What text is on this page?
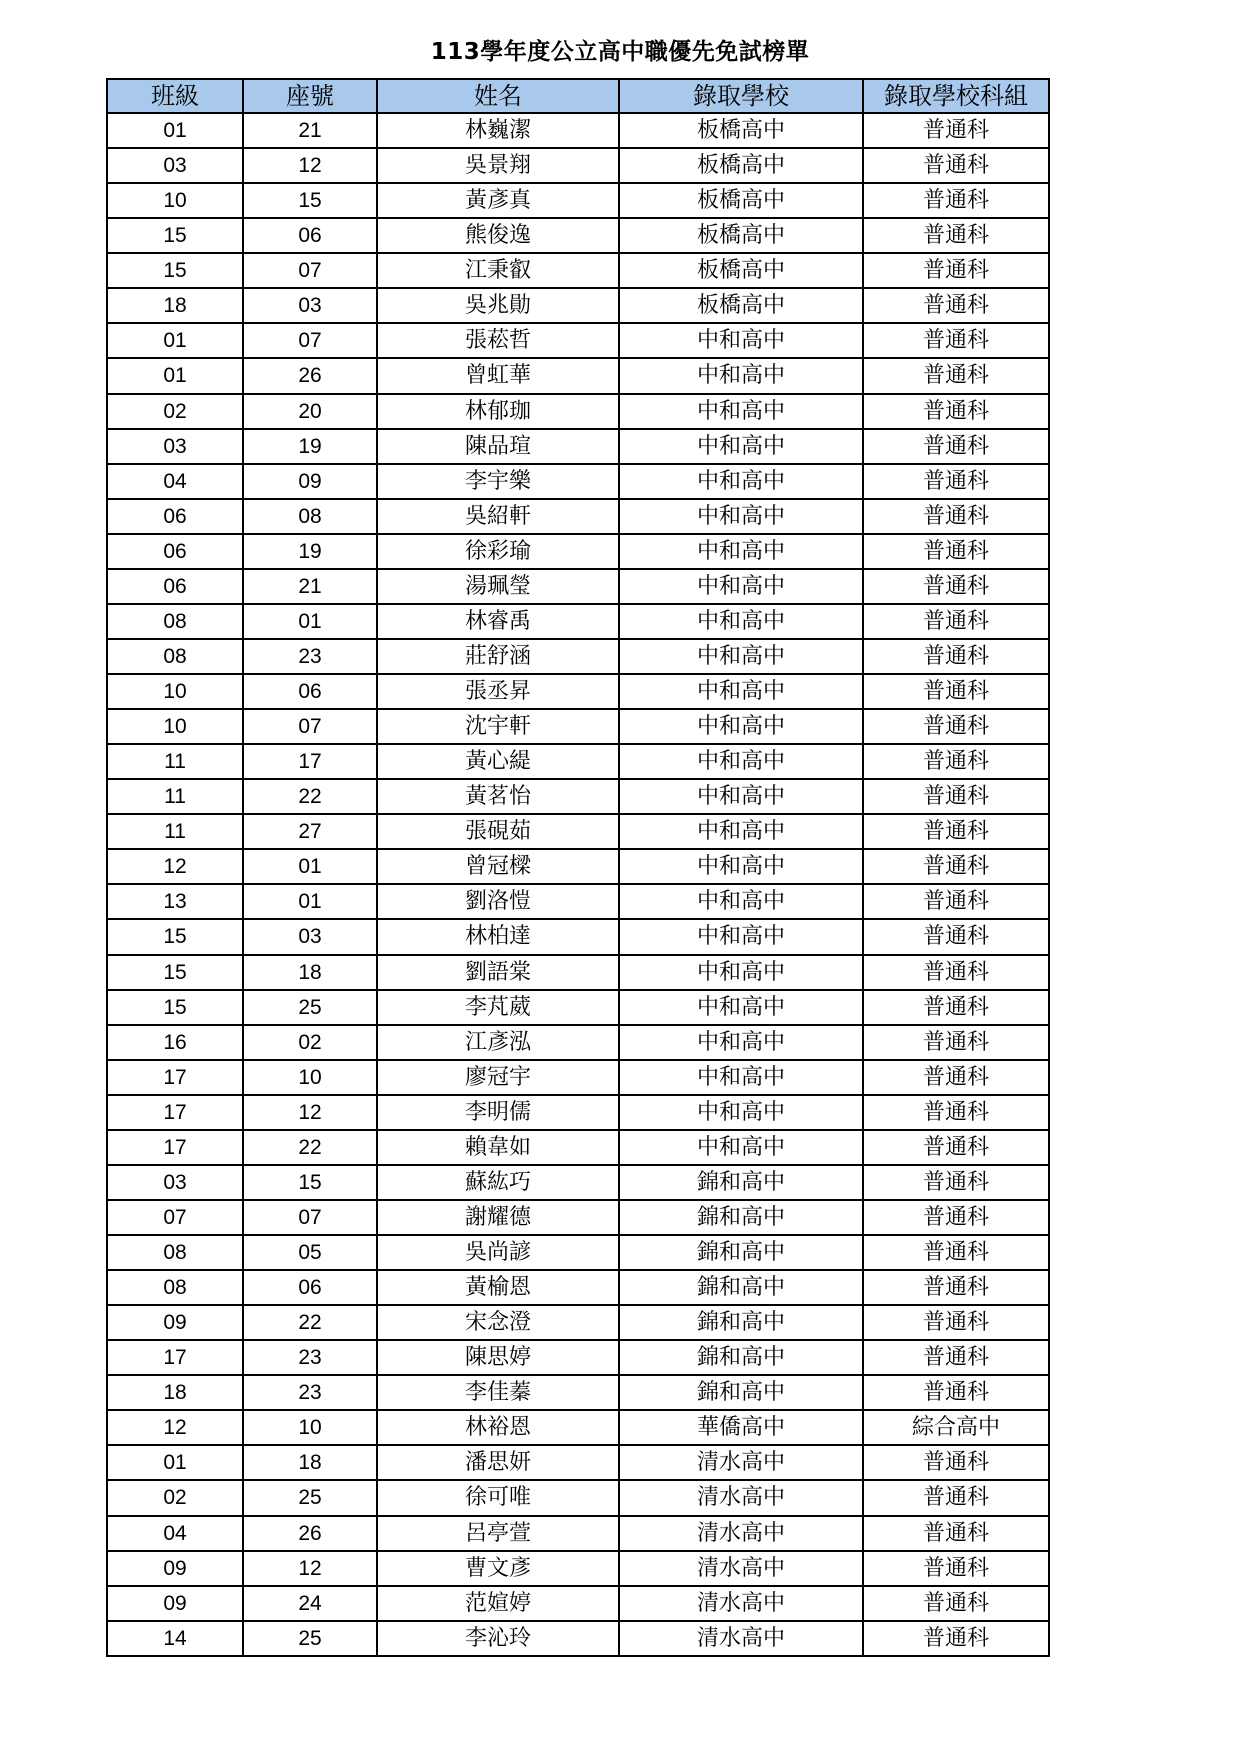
113學年度公立高中職優先免試榜單
班級	座號	姓名	錄取學校	錄取學校科組
01	21	林巍潔	板橋高中	普通科
03	12	吳景翔	板橋高中	普通科
10	15	黃彥真	板橋高中	普通科
15	06	熊俊逸	板橋高中	普通科
15	07	江秉叡	板橋高中	普通科
18	03	吳兆勛	板橋高中	普通科
01	07	張菘哲	中和高中	普通科
01	26	曾虹華	中和高中	普通科
02	20	林郁珈	中和高中	普通科
03	19	陳品瑄	中和高中	普通科
04	09	李宇樂	中和高中	普通科
06	08	吳紹軒	中和高中	普通科
06	19	徐彩瑜	中和高中	普通科
06	21	湯珮瑩	中和高中	普通科
08	01	林睿禹	中和高中	普通科
08	23	莊舒涵	中和高中	普通科
10	06	張丞昇	中和高中	普通科
10	07	沈宇軒	中和高中	普通科
11	17	黃心緹	中和高中	普通科
11	22	黃茗怡	中和高中	普通科
11	27	張硯茹	中和高中	普通科
12	01	曾冠樑	中和高中	普通科
13	01	劉洛愷	中和高中	普通科
15	03	林柏達	中和高中	普通科
15	18	劉語棠	中和高中	普通科
15	25	李芃葳	中和高中	普通科
16	02	江彥泓	中和高中	普通科
17	10	廖冠宇	中和高中	普通科
17	12	李明儒	中和高中	普通科
17	22	賴韋如	中和高中	普通科
03	15	蘇紘巧	錦和高中	普通科
07	07	謝耀德	錦和高中	普通科
08	05	吳尚諺	錦和高中	普通科
08	06	黃榆恩	錦和高中	普通科
09	22	宋念澄	錦和高中	普通科
17	23	陳思婷	錦和高中	普通科
18	23	李佳蓁	錦和高中	普通科
12	10	林裕恩	華僑高中	綜合高中
01	18	潘思妍	清水高中	普通科
02	25	徐可唯	清水高中	普通科
04	26	呂亭萱	清水高中	普通科
09	12	曹文彥	清水高中	普通科
09	24	范媗婷	清水高中	普通科
14	25	李沁玲	清水高中	普通科
